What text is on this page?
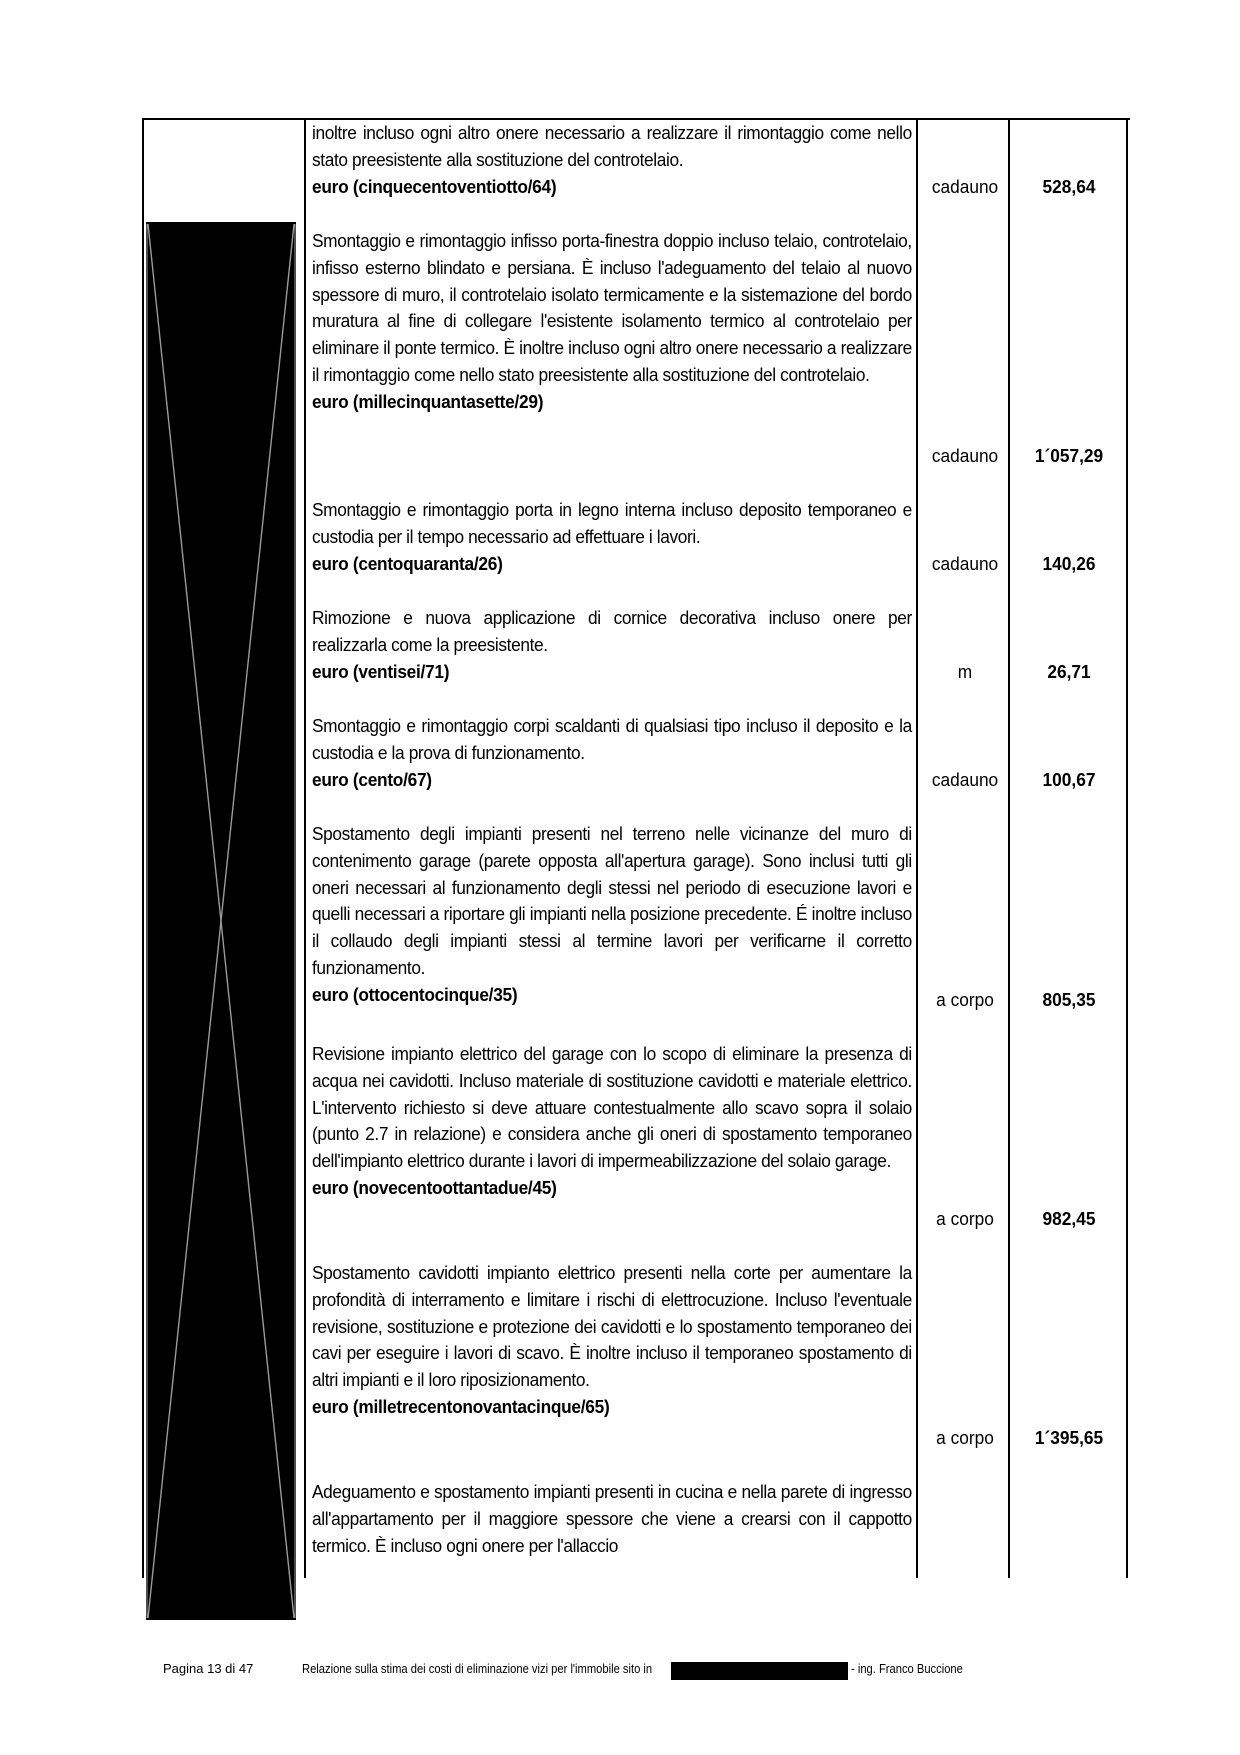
inoltre incluso ogni altro onere necessario a realizzare il rimontaggio come nello stato preesistente alla sostituzione del controtelaio.

euro (cinquecentoventiotto/64)	cadauno	528,64

Smontaggio e rimontaggio infisso porta-finestra doppio incluso telaio, controtelaio, infisso esterno blindato e persiana. È incluso l'adeguamento del telaio al nuovo spessore di muro, il controtelaio isolato termicamente e la sistemazione del bordo muratura al fine di collegare l'esistente isolamento termico al controtelaio per eliminare il ponte termico. È inoltre incluso ogni altro onere necessario a realizzare il rimontaggio come nello stato preesistente alla sostituzione del controtelaio.

euro (millecinquantasette/29)
cadauno	1´057,29

Smontaggio e rimontaggio porta in legno interna incluso deposito temporaneo e custodia per il tempo necessario ad effettuare i lavori.

euro (centoquaranta/26)	cadauno	140,26

Rimozione e nuova applicazione di cornice decorativa incluso onere per realizzarla come la preesistente.

euro (ventisei/71)	m	26,71

Smontaggio e rimontaggio corpi scaldanti di qualsiasi tipo incluso il deposito e la custodia e la prova di funzionamento.

euro (cento/67)	cadauno	100,67

Spostamento degli impianti presenti nel terreno nelle vicinanze del muro di contenimento garage (parete opposta all'apertura garage). Sono inclusi tutti gli oneri necessari al funzionamento degli stessi nel periodo di esecuzione lavori e quelli necessari a riportare gli impianti nella posizione precedente. É inoltre incluso il collaudo degli impianti stessi al termine lavori per verificarne il corretto funzionamento.

euro (ottocentocinque/35)	a corpo	805,35

Revisione impianto elettrico del garage con lo scopo di eliminare la presenza di acqua nei cavidotti. Incluso materiale di sostituzione cavidotti e materiale elettrico. L'intervento richiesto si deve attuare contestualmente allo scavo sopra il solaio (punto 2.7 in relazione) e considera anche gli oneri di spostamento temporaneo dell'impianto elettrico durante i lavori di impermeabilizzazione del solaio garage.

euro (novecentoottantadue/45)
a corpo	982,45

Spostamento cavidotti impianto elettrico presenti nella corte per aumentare la profondità di interramento e limitare i rischi di elettrocuzione. Incluso l'eventuale revisione, sostituzione e protezione dei cavidotti e lo spostamento temporaneo dei cavi per eseguire i lavori di scavo. È inoltre incluso il temporaneo spostamento di altri impianti e il loro riposizionamento.

euro (milletrecentonovantacinque/65)
a corpo	1´395,65

Adeguamento e spostamento impianti presenti in cucina e nella parete di ingresso all'appartamento per il maggiore spessore che viene a crearsi con il cappotto termico. È incluso ogni onere per l'allaccio

Pagina 13 di 47	Relazione sulla stima dei costi di eliminazione vizi per l'immobile sito in	- ing. Franco Buccione
